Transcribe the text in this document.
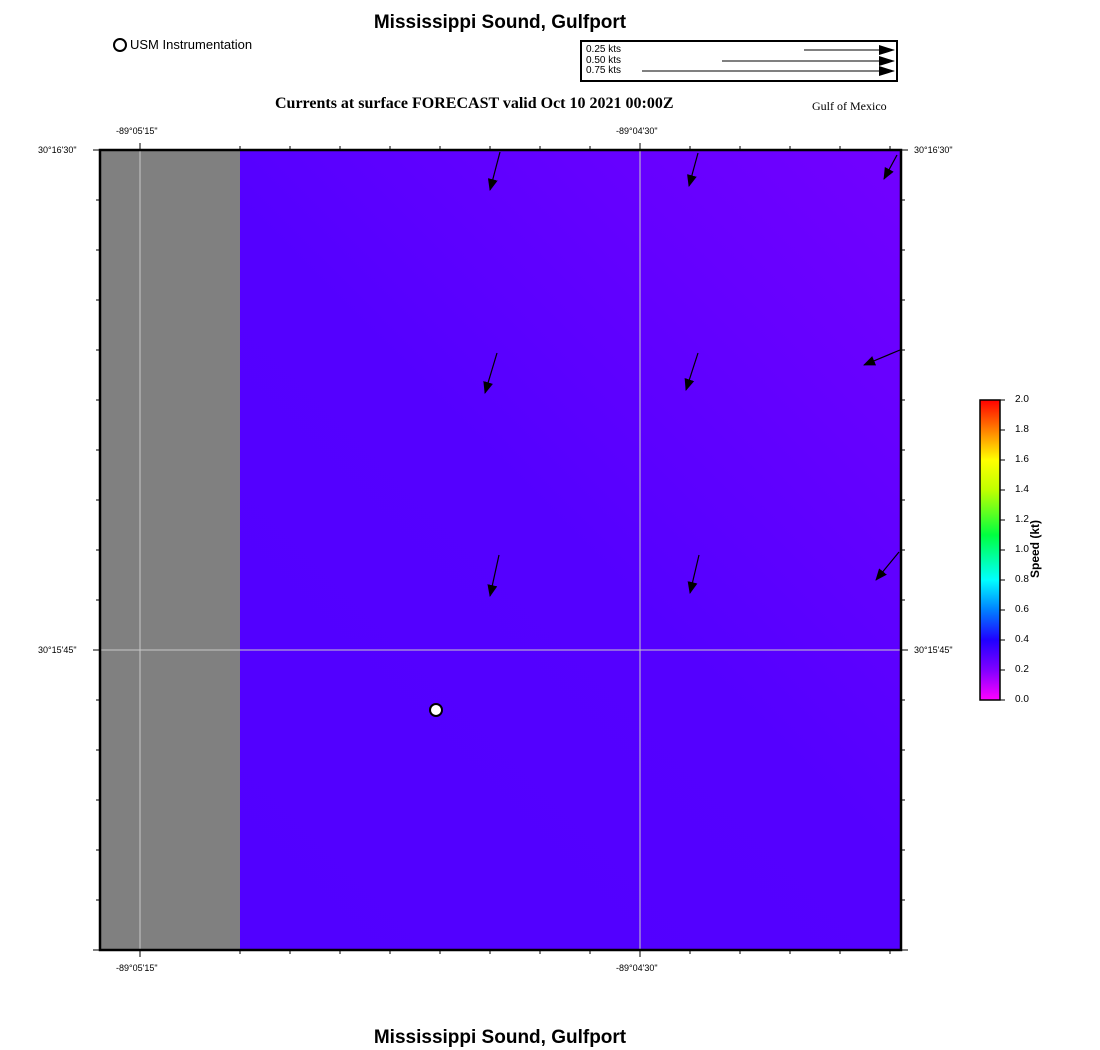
Mississippi Sound, Gulfport
USM Instrumentation	0.25 kts
0.50 kts
0.75 kts
Currents at surface FORECAST valid Oct 10 2021 00:00Z	Gulf of Mexico
-89°05'15"	-89°04'30"
-89°05'15"	-89°04'30"
30°16'30"
30°15'45"
30°16'30"
30°15'45"
0.0
0.2
0.4
0.6
0.8
1.0
1.2
1.4
1.6
1.8
2.0
Speed (kt)
Mississippi Sound, Gulfport
